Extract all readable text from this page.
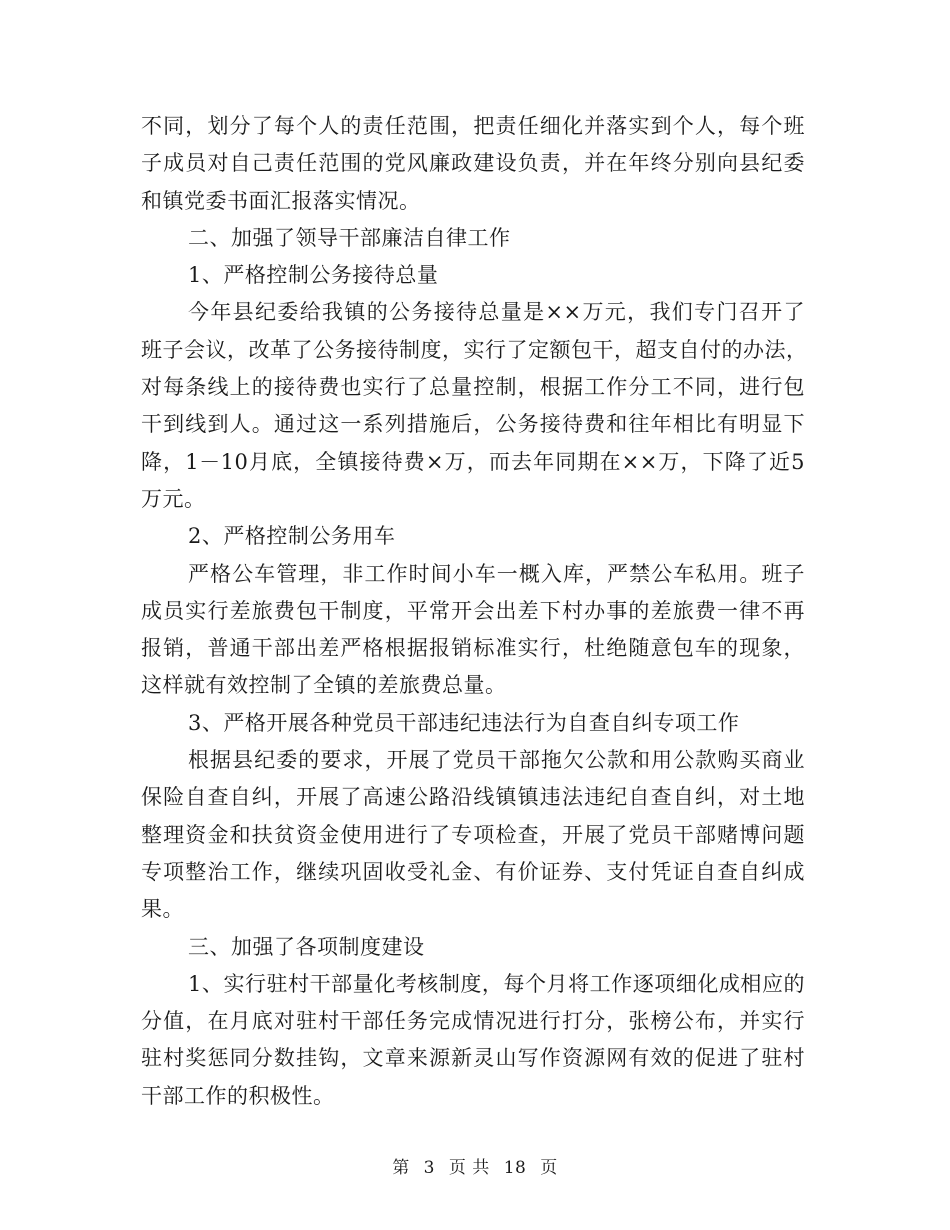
不同，划分了每个人的责任范围，把责任细化并落实到个人，每个班
子成员对自己责任范围的党风廉政建设负责，并在年终分别向县纪委
和镇党委书面汇报落实情况。
二、加强了领导干部廉洁自律工作
1、严格控制公务接待总量
今年县纪委给我镇的公务接待总量是××万元，我们专门召开了
班子会议，改革了公务接待制度，实行了定额包干，超支自付的办法，
对每条线上的接待费也实行了总量控制，根据工作分工不同，进行包
干到线到人。通过这一系列措施后，公务接待费和往年相比有明显下
降，1－10月底，全镇接待费×万，而去年同期在××万，下降了近5
万元。
2、严格控制公务用车
严格公车管理，非工作时间小车一概入库，严禁公车私用。班子
成员实行差旅费包干制度，平常开会出差下村办事的差旅费一律不再
报销，普通干部出差严格根据报销标准实行，杜绝随意包车的现象，
这样就有效控制了全镇的差旅费总量。
3、严格开展各种党员干部违纪违法行为自查自纠专项工作
根据县纪委的要求，开展了党员干部拖欠公款和用公款购买商业
保险自查自纠，开展了高速公路沿线镇镇违法违纪自查自纠，对土地
整理资金和扶贫资金使用进行了专项检查，开展了党员干部赌博问题
专项整治工作，继续巩固收受礼金、有价证券、支付凭证自查自纠成
果。
三、加强了各项制度建设
1、实行驻村干部量化考核制度，每个月将工作逐项细化成相应的
分值，在月底对驻村干部任务完成情况进行打分，张榜公布，并实行
驻村奖惩同分数挂钩，文章来源新灵山写作资源网有效的促进了驻村
干部工作的积极性。
第 3 页 共 18 页
